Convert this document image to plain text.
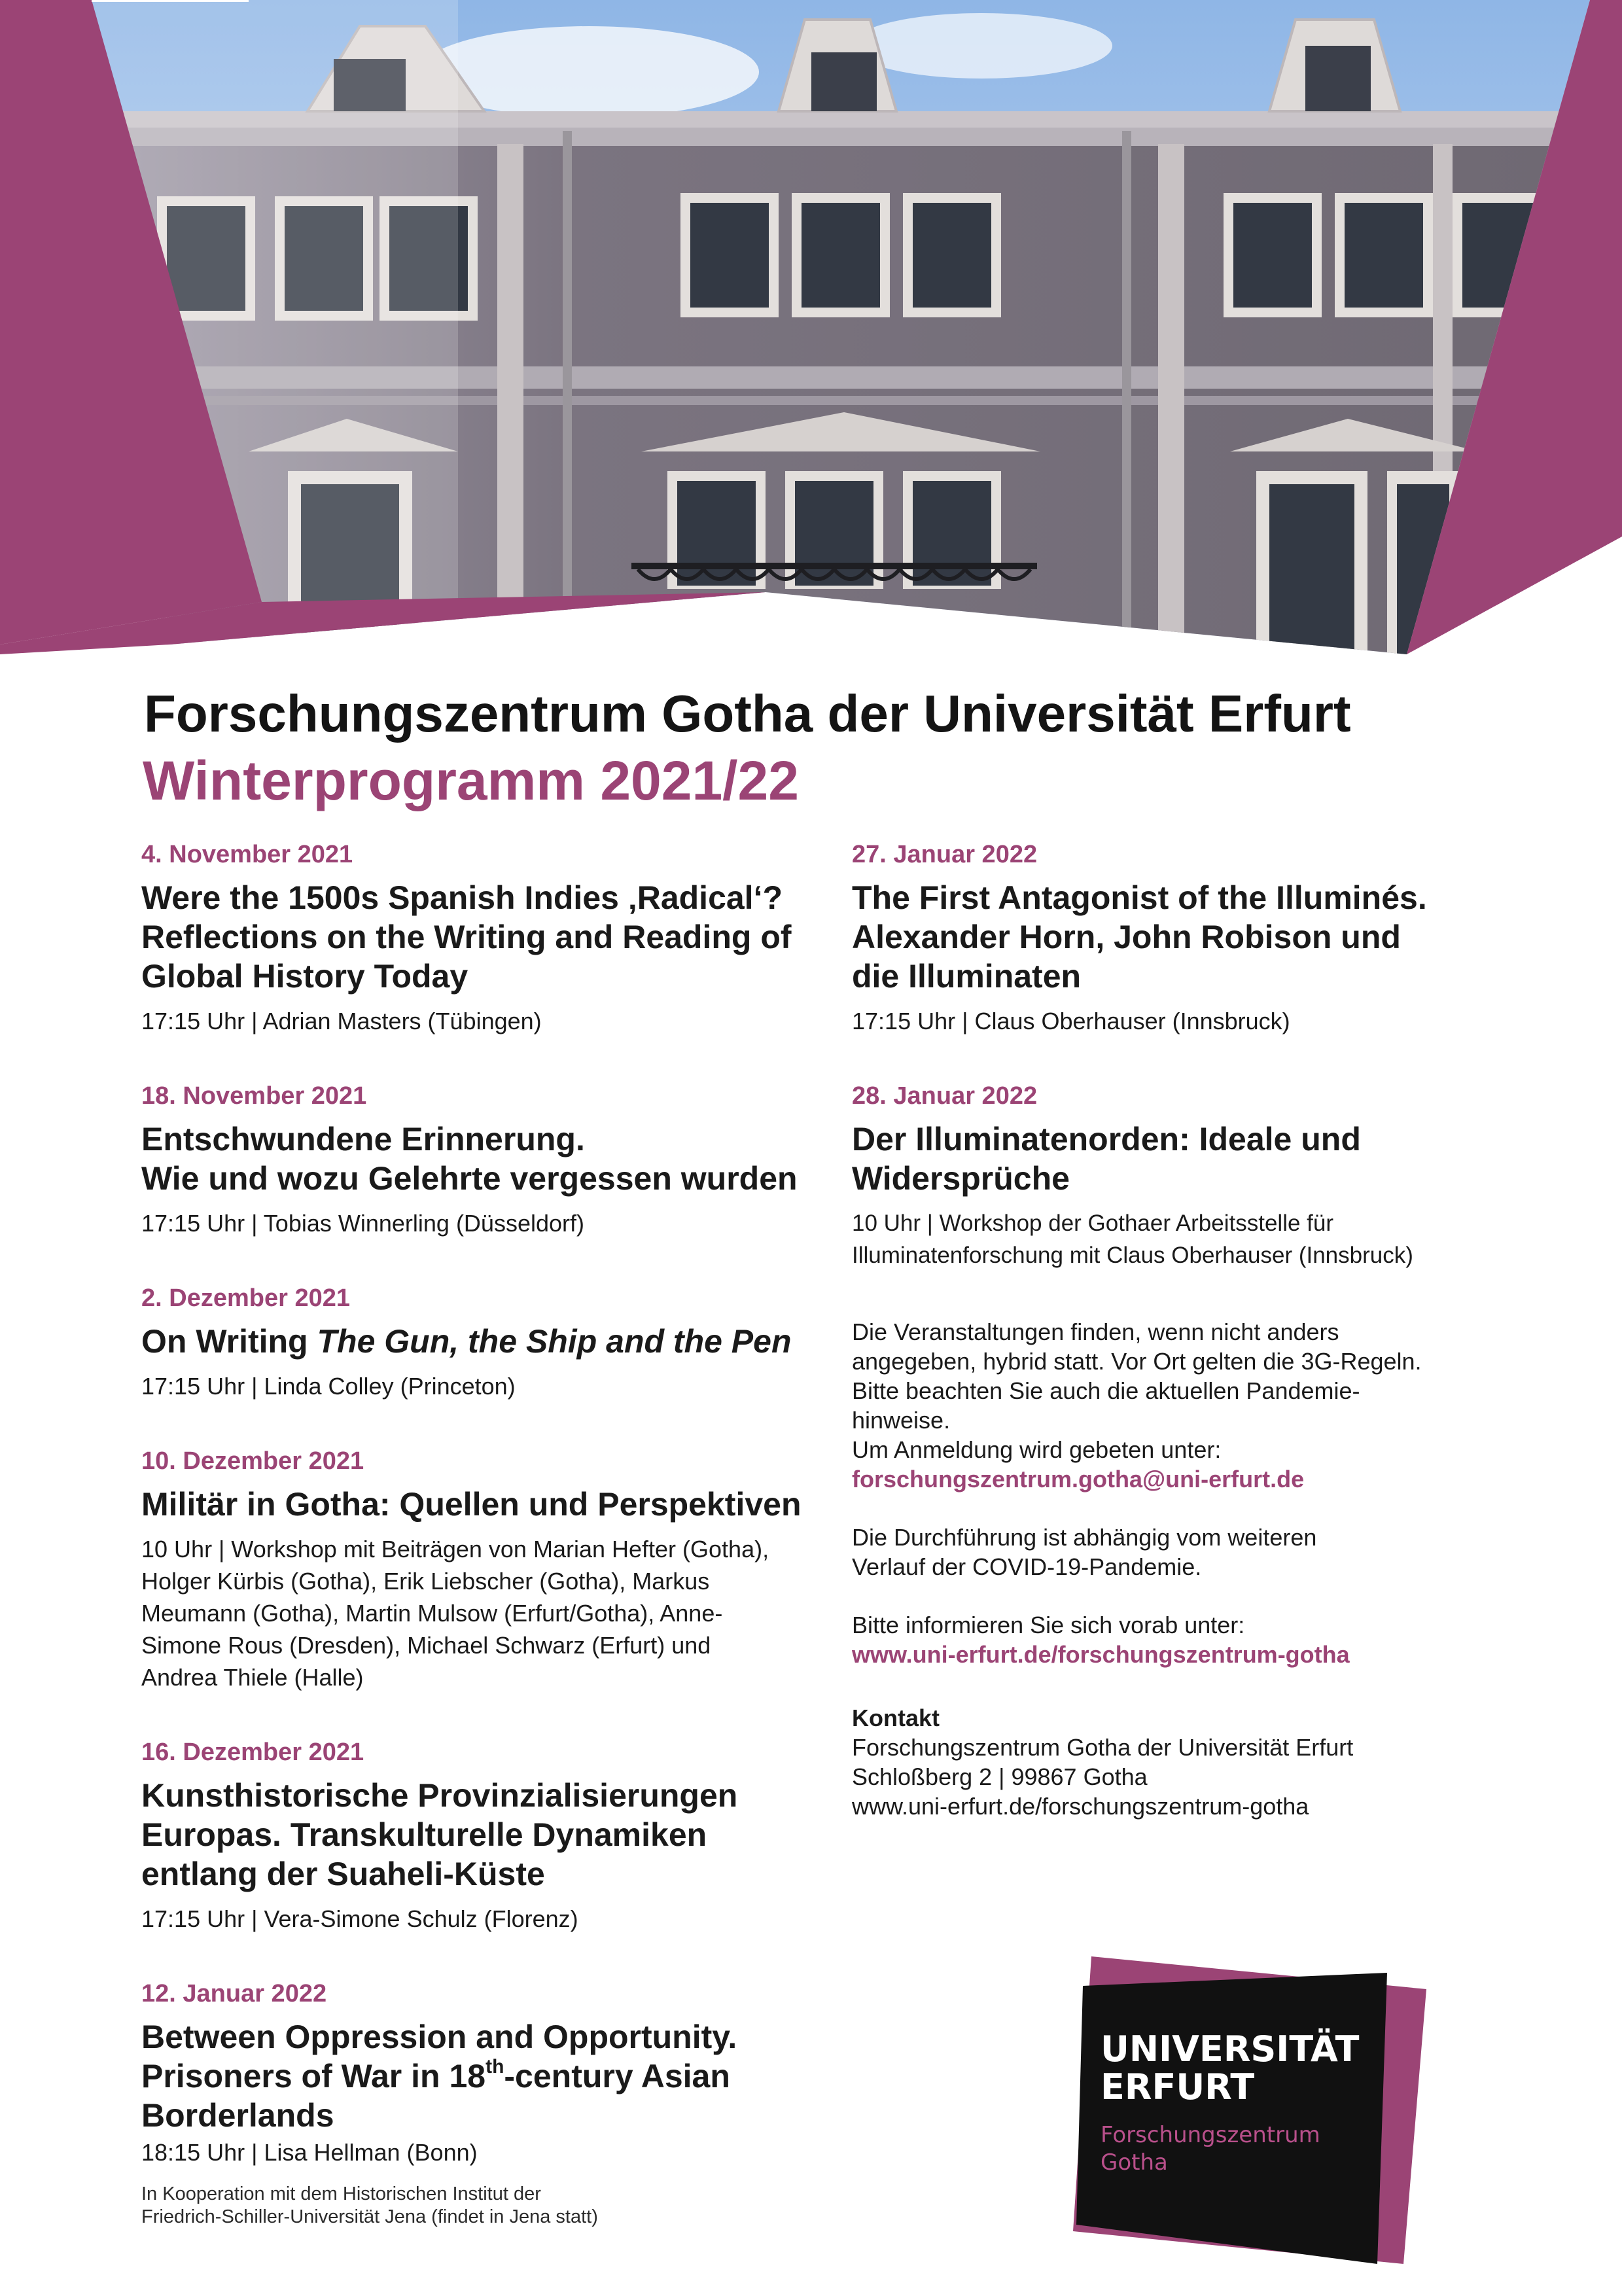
Forschungszentrum Gotha der Universität Erfurt
Winterprogramm 2021/22
4. November 2021
Were the 1500s Spanish Indies ‚Radical‘?
Reflections on the Writing and Reading of
Global History Today
17:15 Uhr | Adrian Masters (Tübingen)
18. November 2021
Entschwundene Erinnerung.
Wie und wozu Gelehrte vergessen wurden
17:15 Uhr | Tobias Winnerling (Düsseldorf)
2. Dezember 2021
On Writing The Gun, the Ship and the Pen
17:15 Uhr | Linda Colley (Princeton)
10. Dezember 2021
Militär in Gotha: Quellen und Perspektiven
10 Uhr | Workshop mit Beiträgen von Marian Hefter (Gotha),
Holger Kürbis (Gotha), Erik Liebscher (Gotha), Markus
Meumann (Gotha), Martin Mulsow (Erfurt/Gotha), Anne-
Simone Rous (Dresden), Michael Schwarz (Erfurt) und
Andrea Thiele (Halle)
16. Dezember 2021
Kunsthistorische Provinzialisierungen
Europas. Transkulturelle Dynamiken
entlang der Suaheli-Küste
17:15 Uhr | Vera-Simone Schulz (Florenz)
12. Januar 2022
Between Oppression and Opportunity.
Prisoners of War in 18th-century Asian
Borderlands
18:15 Uhr | Lisa Hellman (Bonn)
In Kooperation mit dem Historischen Institut der
Friedrich-Schiller-Universität Jena (findet in Jena statt)
27. Januar 2022
The First Antagonist of the Illuminés.
Alexander Horn, John Robison und
die Illuminaten
17:15 Uhr | Claus Oberhauser (Innsbruck)
28. Januar 2022
Der Illuminatenorden: Ideale und
Widersprüche
10 Uhr | Workshop der Gothaer Arbeitsstelle für
Illuminatenforschung mit Claus Oberhauser (Innsbruck)
Die Veranstaltungen finden, wenn nicht anders
angegeben, hybrid statt. Vor Ort gelten die 3G-Regeln.
Bitte beachten Sie auch die aktuellen Pandemie-
hinweise.
Um Anmeldung wird gebeten unter:
forschungszentrum.gotha@uni-erfurt.de
Die Durchführung ist abhängig vom weiteren
Verlauf der COVID-19-Pandemie.
Bitte informieren Sie sich vorab unter:
www.uni-erfurt.de/forschungszentrum-gotha
Kontakt
Forschungszentrum Gotha der Universität Erfurt
Schloßberg 2 | 99867 Gotha
www.uni-erfurt.de/forschungszentrum-gotha
UNIVERSITÄT
ERFURT
Forschungszentrum
Gotha
